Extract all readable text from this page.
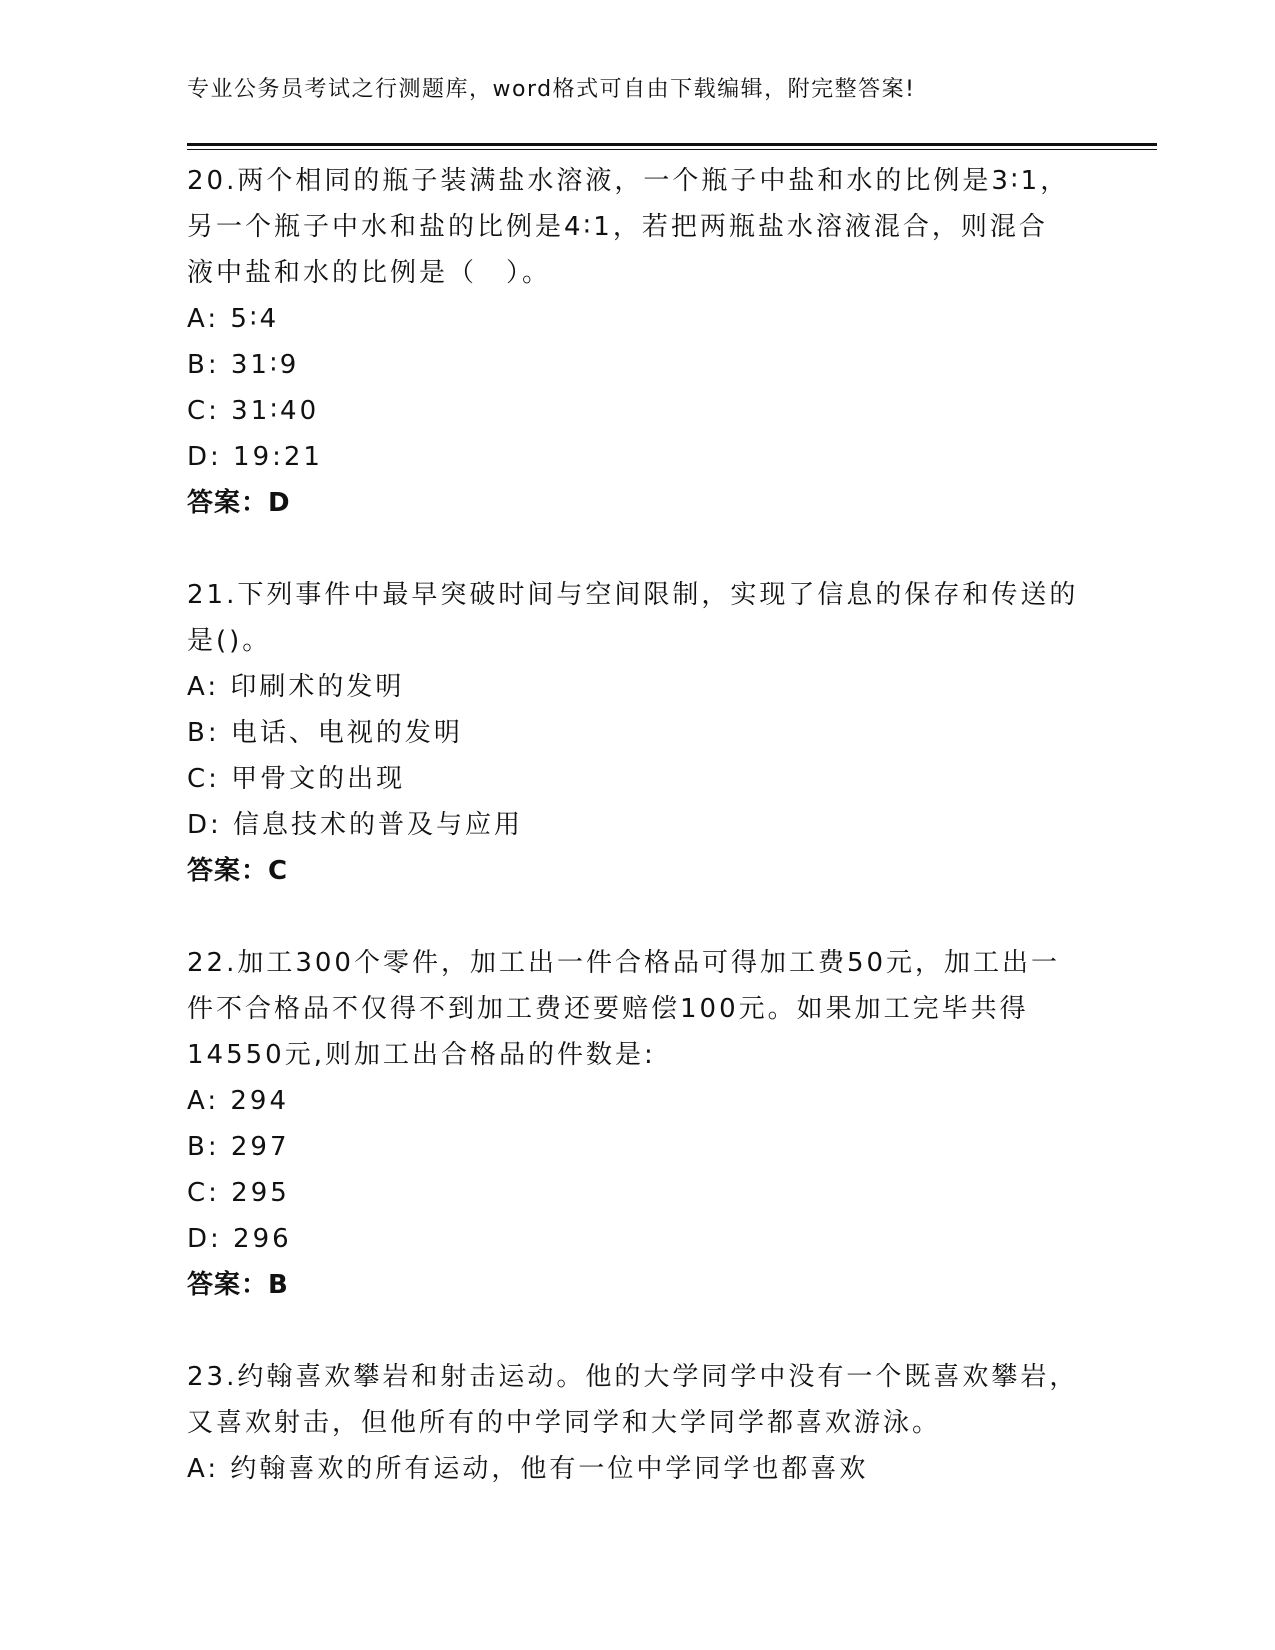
专业公务员考试之行测题库，word格式可自由下载编辑，附完整答案!
20.两个相同的瓶子装满盐水溶液，一个瓶子中盐和水的比例是3∶1，
另一个瓶子中水和盐的比例是4∶1，若把两瓶盐水溶液混合，则混合
液中盐和水的比例是（　）。
A: 5∶4
B: 31∶9
C: 31∶40
D: 19:21
答案：D
21.下列事件中最早突破时间与空间限制，实现了信息的保存和传送的
是()。
A: 印刷术的发明
B: 电话、电视的发明
C: 甲骨文的出现
D: 信息技术的普及与应用
答案：C
22.加工300个零件，加工出一件合格品可得加工费50元，加工出一
件不合格品不仅得不到加工费还要赔偿100元。如果加工完毕共得
14550元,则加工出合格品的件数是:
A: 294
B: 297
C: 295
D: 296
答案：B
23.约翰喜欢攀岩和射击运动。他的大学同学中没有一个既喜欢攀岩，
又喜欢射击，但他所有的中学同学和大学同学都喜欢游泳。
A: 约翰喜欢的所有运动，他有一位中学同学也都喜欢
